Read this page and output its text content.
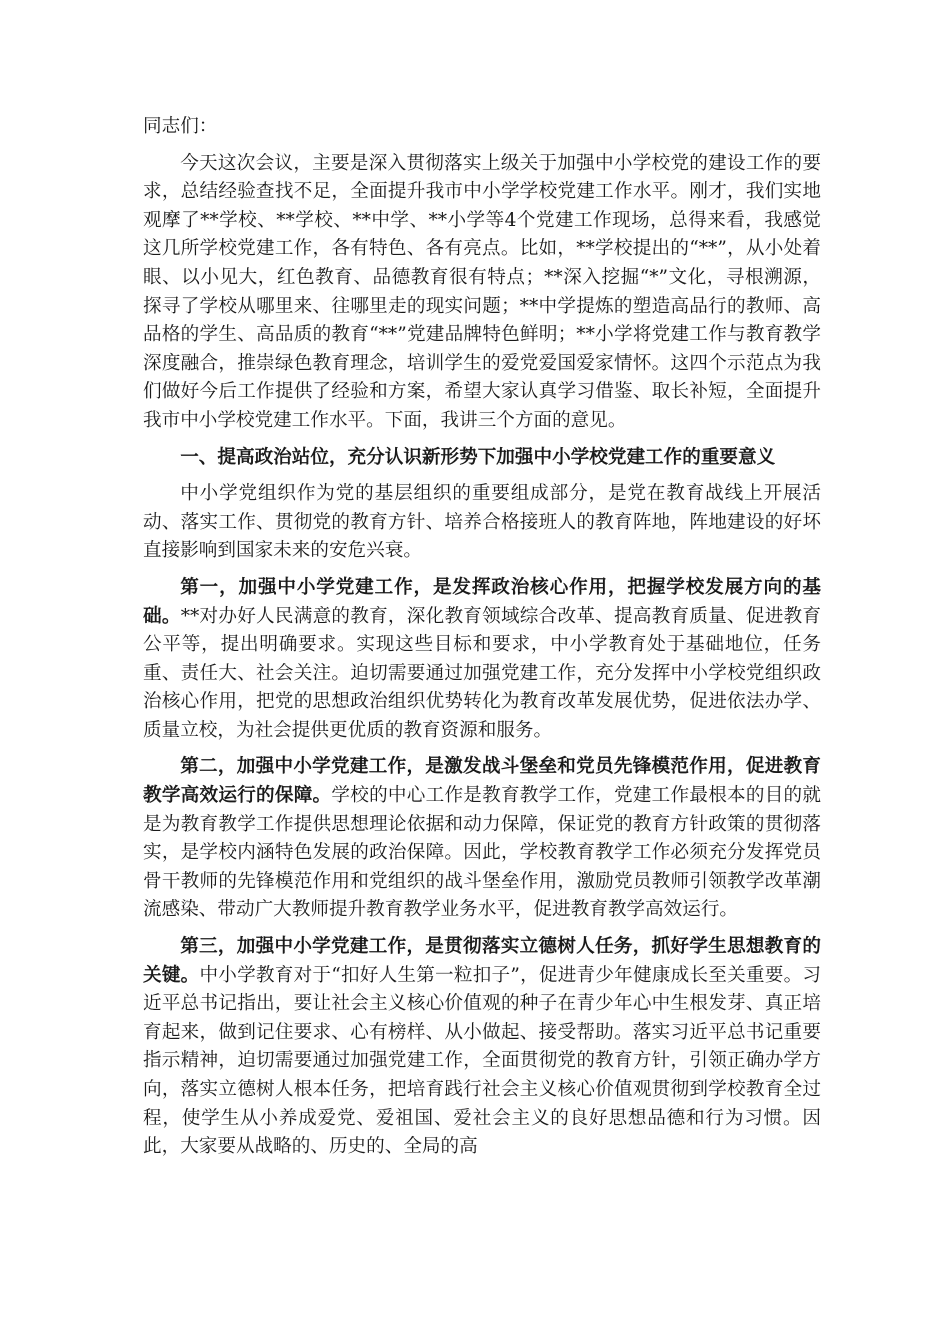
同志们：

今天这次会议，主要是深入贯彻落实上级关于加强中小学校党的建设工作的要求，总结经验查找不足，全面提升我市中小学学校党建工作水平。刚才，我们实地观摩了**学校、**学校、**中学、**小学等4个党建工作现场，总得来看，我感觉这几所学校党建工作，各有特色、各有亮点。比如，**学校提出的“**”，从小处着眼、以小见大，红色教育、品德教育很有特点；**深入挖掘“*”文化，寻根溯源，探寻了学校从哪里来、往哪里走的现实问题；**中学提炼的塑造高品行的教师、高品格的学生、高品质的教育“**”党建品牌特色鲜明；**小学将党建工作与教育教学深度融合，推崇绿色教育理念，培训学生的爱党爱国爱家情怀。这四个示范点为我们做好今后工作提供了经验和方案，希望大家认真学习借鉴、取长补短，全面提升我市中小学校党建工作水平。下面，我讲三个方面的意见。

一、提高政治站位，充分认识新形势下加强中小学校党建工作的重要意义

中小学党组织作为党的基层组织的重要组成部分，是党在教育战线上开展活动、落实工作、贯彻党的教育方针、培养合格接班人的教育阵地，阵地建设的好坏直接影响到国家未来的安危兴衰。

第一，加强中小学党建工作，是发挥政治核心作用，把握学校发展方向的基础。**对办好人民满意的教育，深化教育领域综合改革、提高教育质量、促进教育公平等，提出明确要求。实现这些目标和要求，中小学教育处于基础地位，任务重、责任大、社会关注。迫切需要通过加强党建工作，充分发挥中小学校党组织政治核心作用，把党的思想政治组织优势转化为教育改革发展优势，促进依法办学、质量立校，为社会提供更优质的教育资源和服务。

第二，加强中小学党建工作，是激发战斗堡垒和党员先锋模范作用，促进教育教学高效运行的保障。学校的中心工作是教育教学工作，党建工作最根本的目的就是为教育教学工作提供思想理论依据和动力保障，保证党的教育方针政策的贯彻落实，是学校内涵特色发展的政治保障。因此，学校教育教学工作必须充分发挥党员骨干教师的先锋模范作用和党组织的战斗堡垒作用，激励党员教师引领教学改革潮流感染、带动广大教师提升教育教学业务水平，促进教育教学高效运行。

第三，加强中小学党建工作，是贯彻落实立德树人任务，抓好学生思想教育的关键。中小学教育对于“扣好人生第一粒扣子”，促进青少年健康成长至关重要。习近平总书记指出，要让社会主义核心价值观的种子在青少年心中生根发芽、真正培育起来，做到记住要求、心有榜样、从小做起、接受帮助。落实习近平总书记重要指示精神，迫切需要通过加强党建工作，全面贯彻党的教育方针，引领正确办学方向，落实立德树人根本任务，把培育践行社会主义核心价值观贯彻到学校教育全过程，使学生从小养成爱党、爱祖国、爱社会主义的良好思想品德和行为习惯。因此，大家要从战略的、历史的、全局的高
